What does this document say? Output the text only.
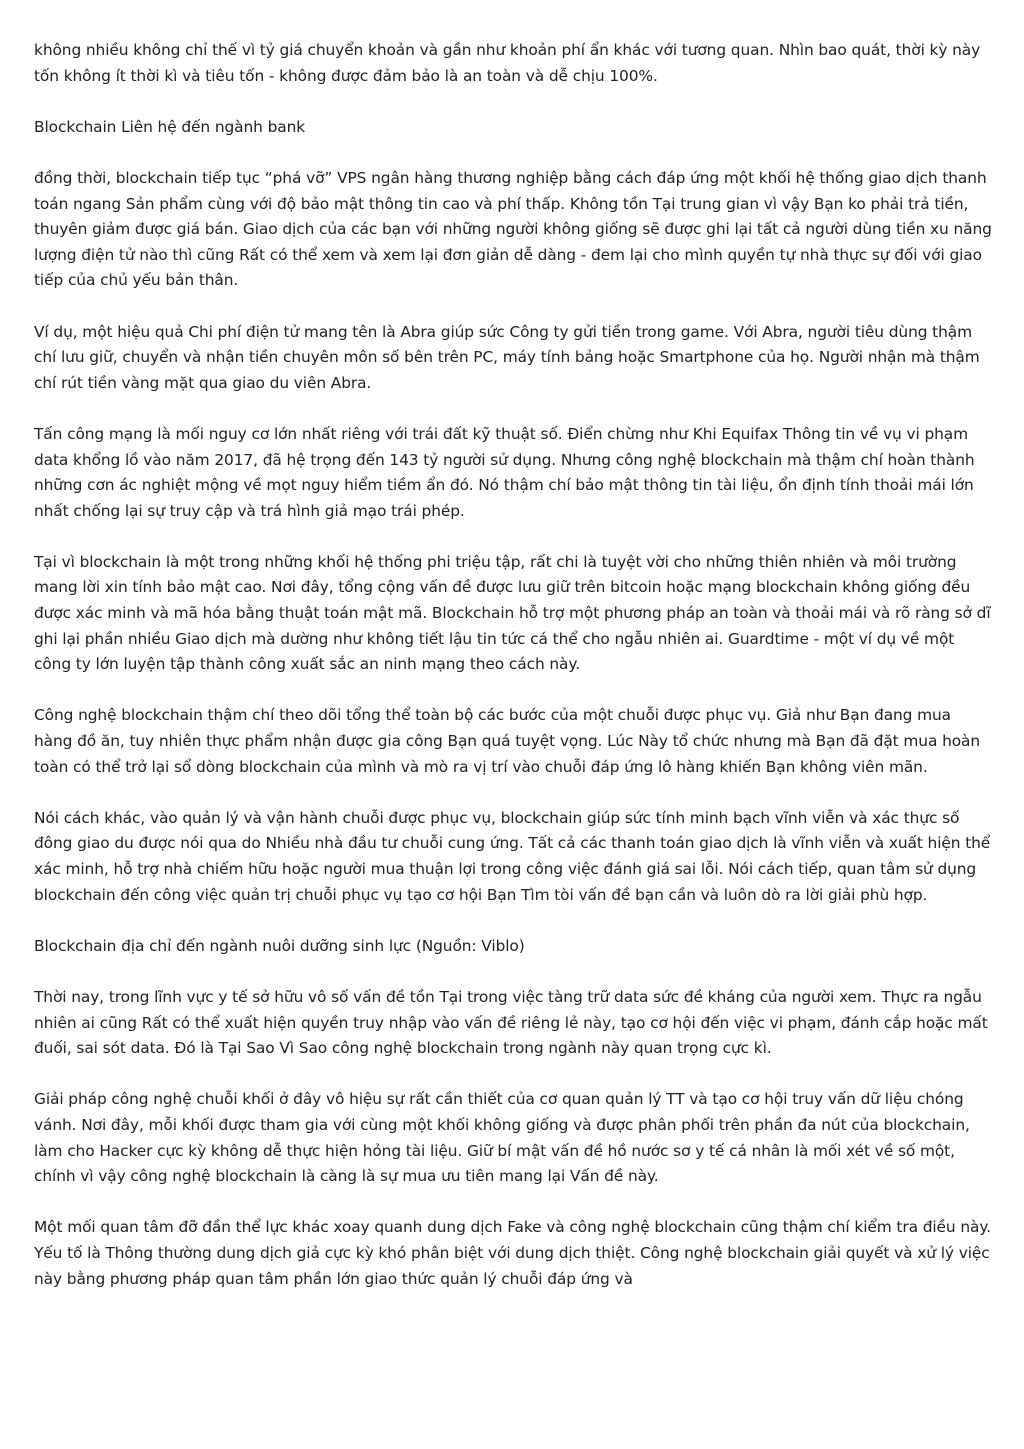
không nhiều không chỉ thế vì tỷ giá chuyển khoản và gần như khoản phí ẩn khác với tương quan. Nhìn bao quát, thời kỳ này tốn không ít thời kì và tiêu tốn - không được đảm bảo là an toàn và dễ chịu 100%.

Blockchain Liên hệ đến ngành bank

đồng thời, blockchain tiếp tục “phá vỡ” VPS ngân hàng thương nghiệp bằng cách đáp ứng một khối hệ thống giao dịch thanh toán ngang Sản phẩm cùng với độ bảo mật thông tin cao và phí thấp. Không tồn Tại trung gian vì vậy Bạn ko phải trả tiền, thuyên giảm được giá bán. Giao dịch của các bạn với những người không giống sẽ được ghi lại tất cả người dùng tiền xu năng lượng điện tử nào thì cũng Rất có thể xem và xem lại đơn giản dễ dàng - đem lại cho mình quyền tự nhà thực sự đối với giao tiếp của chủ yếu bản thân.

Ví dụ, một hiệu quả Chi phí điện tử mang tên là Abra giúp sức Công ty gửi tiền trong game. Với Abra, người tiêu dùng thậm chí lưu giữ, chuyển và nhận tiền chuyên môn số bên trên PC, máy tính bảng hoặc Smartphone của họ. Người nhận mà thậm chí rút tiền vàng mặt qua giao du viên Abra.

Tấn công mạng là mối nguy cơ lớn nhất riêng với trái đất kỹ thuật số. Điển chừng như Khi Equifax Thông tin về vụ vi phạm data khổng lồ vào năm 2017, đã hệ trọng đến 143 tỷ người sử dụng. Nhưng công nghệ blockchain mà thậm chí hoàn thành những cơn ác nghiệt mộng về mọt nguy hiểm tiềm ẩn đó. Nó thậm chí bảo mật thông tin tài liệu, ổn định tính thoải mái lớn nhất chống lại sự truy cập và trá hình giả mạo trái phép.

Tại vì blockchain là một trong những khối hệ thống phi triệu tập, rất chi là tuyệt vời cho những thiên nhiên và môi trường mang lời xin tính bảo mật cao. Nơi đây, tổng cộng vấn đề được lưu giữ trên bitcoin hoặc mạng blockchain không giống đều được xác minh và mã hóa bằng thuật toán mật mã. Blockchain hỗ trợ một phương pháp an toàn và thoải mái và rõ ràng sở dĩ ghi lại phần nhiều Giao dịch mà dường như không tiết lậu tin tức cá thể cho ngẫu nhiên ai. Guardtime - một ví dụ về một công ty lớn luyện tập thành công xuất sắc an ninh mạng theo cách này.

Công nghệ blockchain thậm chí theo dõi tổng thể toàn bộ các bước của một chuỗi được phục vụ. Giả như Bạn đang mua hàng đồ ăn, tuy nhiên thực phẩm nhận được gia công Bạn quá tuyệt vọng. Lúc Này tổ chức nhưng mà Bạn đã đặt mua hoàn toàn có thể trở lại sổ dòng blockchain của mình và mò ra vị trí vào chuỗi đáp ứng lô hàng khiến Bạn không viên mãn.

Nói cách khác, vào quản lý và vận hành chuỗi được phục vụ, blockchain giúp sức tính minh bạch vĩnh viễn và xác thực số đông giao du được nói qua do Nhiều nhà đầu tư chuỗi cung ứng. Tất cả các thanh toán giao dịch là vĩnh viễn và xuất hiện thể xác minh, hỗ trợ nhà chiếm hữu hoặc người mua thuận lợi trong công việc đánh giá sai lỗi. Nói cách tiếp, quan tâm sử dụng blockchain đến công việc quản trị chuỗi phục vụ tạo cơ hội Bạn Tìm tòi vấn đề bạn cần và luôn dò ra lời giải phù hợp.

Blockchain địa chỉ đến ngành nuôi dưỡng sinh lực (Nguồn: Viblo)

Thời nay, trong lĩnh vực y tế sở hữu vô số vấn đề tồn Tại trong việc tàng trữ data sức đề kháng của người xem. Thực ra ngẫu nhiên ai cũng Rất có thể xuất hiện quyền truy nhập vào vấn đề riêng lẻ này, tạo cơ hội đến việc vi phạm, đánh cắp hoặc mất đuối, sai sót data. Đó là Tại Sao Vì Sao công nghệ blockchain trong ngành này quan trọng cực kì.

Giải pháp công nghệ chuỗi khối ở đây vô hiệu sự rất cần thiết của cơ quan quản lý TT và tạo cơ hội truy vấn dữ liệu chóng vánh. Nơi đây, mỗi khối được tham gia với cùng một khối không giống và được phân phối trên phần đa nút của blockchain, làm cho Hacker cực kỳ không dễ thực hiện hỏng tài liệu. Giữ bí mật vấn đề hồ nước sơ y tế cá nhân là mối xét về số một, chính vì vậy công nghệ blockchain là càng là sự mua ưu tiên mang lại Vấn đề này.

Một mối quan tâm đỡ đần thể lực khác xoay quanh dung dịch Fake và công nghệ blockchain cũng thậm chí kiểm tra điều này. Yếu tố là Thông thường dung dịch giả cực kỳ khó phân biệt với dung dịch thiệt. Công nghệ blockchain giải quyết và xử lý việc này bằng phương pháp quan tâm phần lớn giao thức quản lý chuỗi đáp ứng và
